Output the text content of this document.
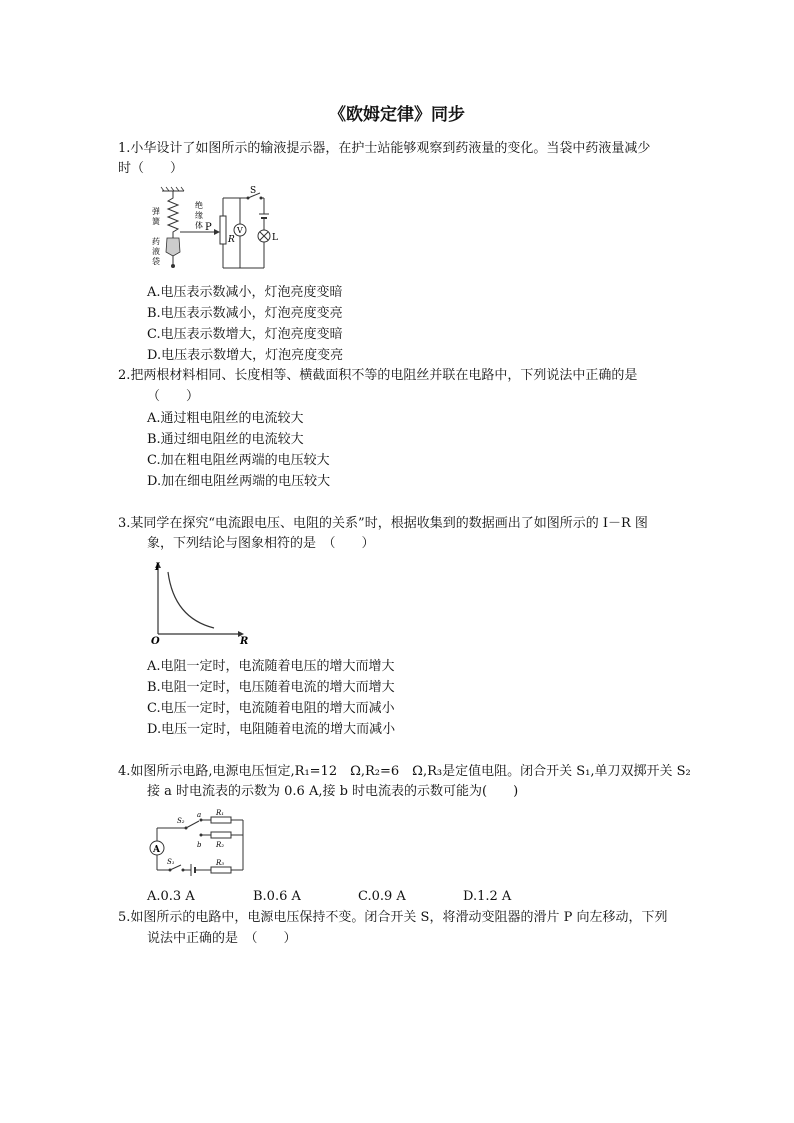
《欧姆定律》同步
1.小华设计了如图所示的输液提示器，在护士站能够观察到药液量的变化。当袋中药液量减少
时（　　）
弹
簧
药
液
袋
绝
缘
体 P
R
S
V
L
A.电压表示数减小，灯泡亮度变暗
B.电压表示数减小，灯泡亮度变亮
C.电压表示数增大，灯泡亮度变暗
D.电压表示数增大，灯泡亮度变亮
2.把两根材料相同、长度相等、横截面积不等的电阻丝并联在电路中，下列说法中正确的是
（　　）
A.通过粗电阻丝的电流较大
B.通过细电阻丝的电流较大
C.加在粗电阻丝两端的电压较大
D.加在细电阻丝两端的电压较大
3.某同学在探究“电流跟电压、电阻的关系”时，根据收集到的数据画出了如图所示的 I－R 图
象，下列结论与图象相符的是　（　　）
I
R
O
A.电阻一定时，电流随着电压的增大而增大
B.电阻一定时，电压随着电流的增大而增大
C.电压一定时，电流随着电阻的增大而减小
D.电压一定时，电阻随着电流的增大而减小
4.如图所示电路,电源电压恒定,R₁=12　Ω,R₂=6　Ω,R₃是定值电阻。闭合开关 S₁,单刀双掷开关 S₂
接 a 时电流表的示数为 0.6 A,接 b 时电流表的示数可能为(　　)
A
S₂
a
b
R₁
R₂
R₃
S₁
A.0.3 A	B.0.6 A	C.0.9 A	D.1.2 A
5.如图所示的电路中，电源电压保持不变。闭合开关 S，将滑动变阻器的滑片 P 向左移动，下列
说法中正确的是　（　　）
